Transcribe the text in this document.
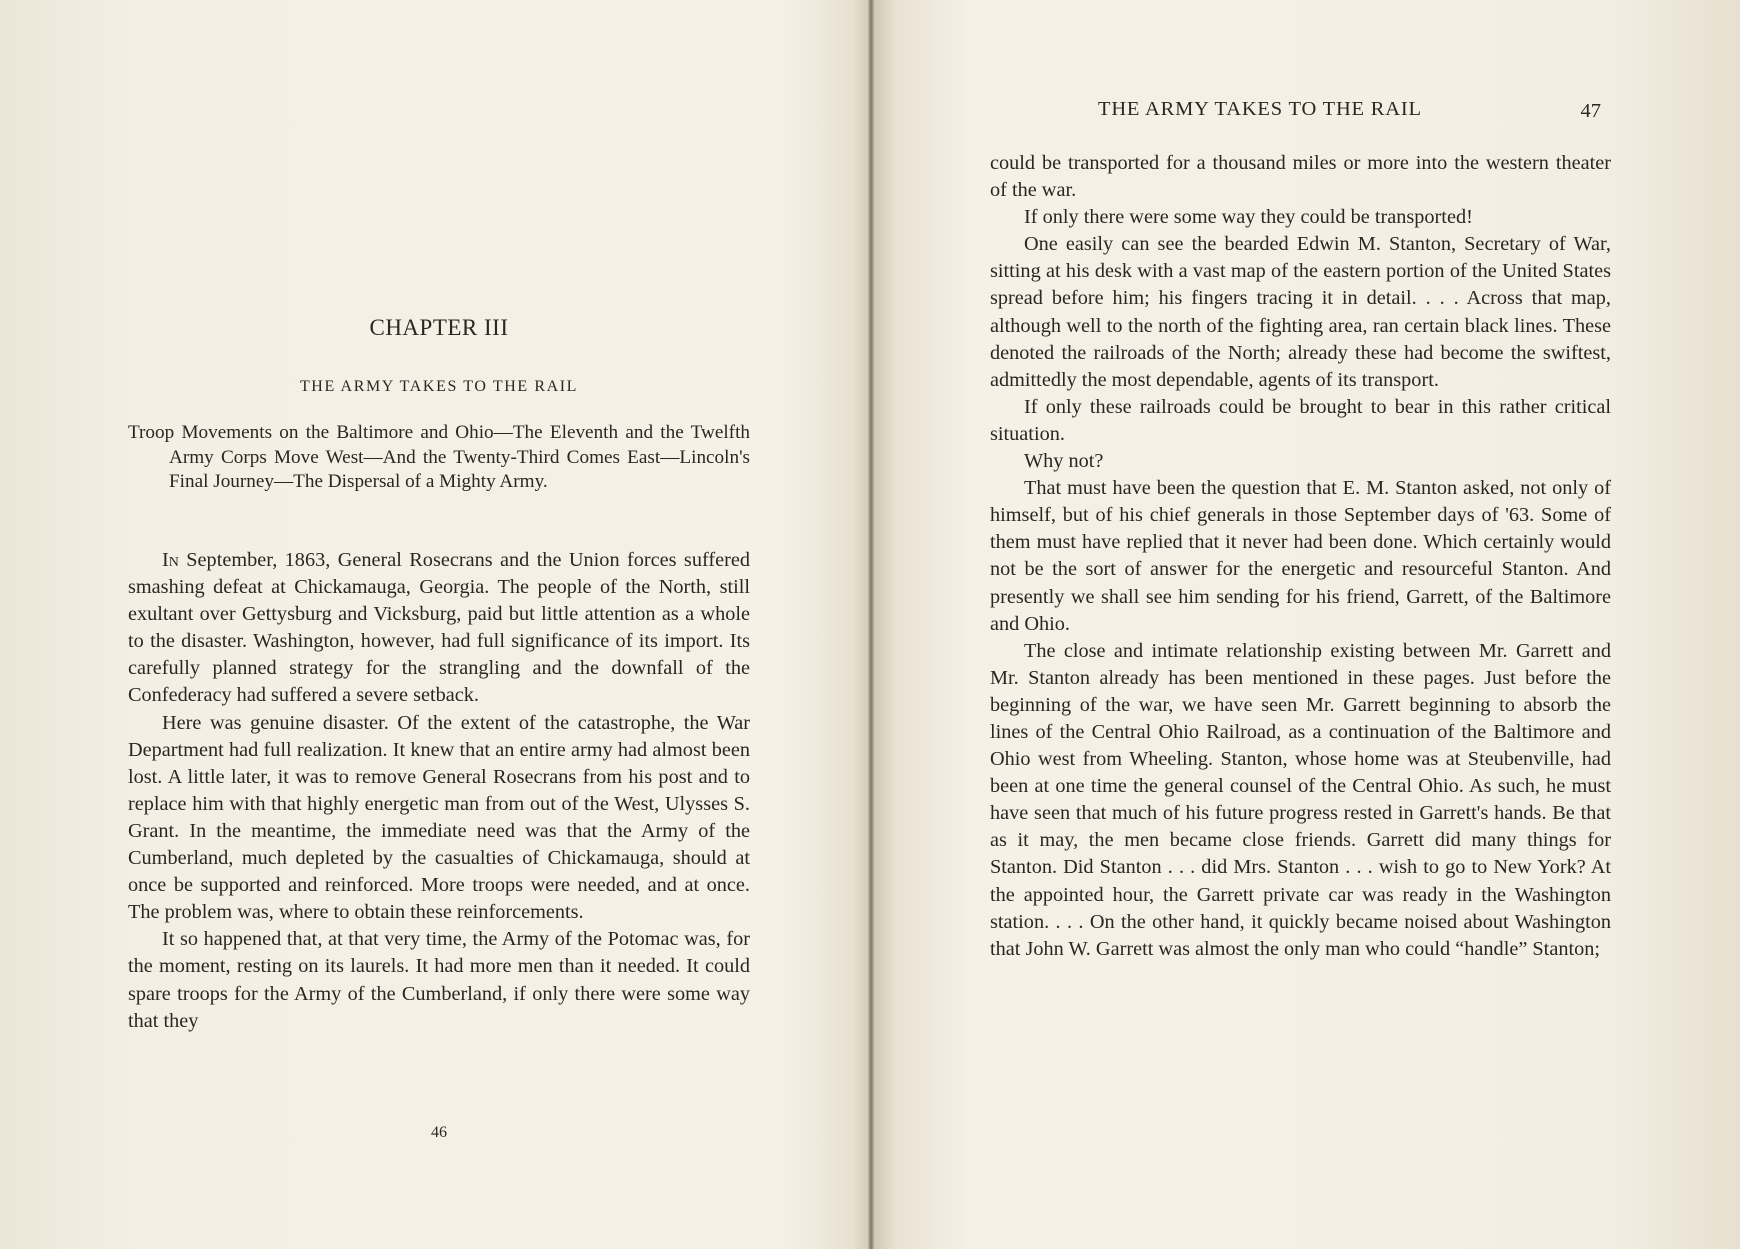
CHAPTER III
THE ARMY TAKES TO THE RAIL
Troop Movements on the Baltimore and Ohio—The Eleventh and the Twelfth Army Corps Move West—And the Twenty-Third Comes East—Lincoln's Final Journey—The Dispersal of a Mighty Army.

In September, 1863, General Rosecrans and the Union forces suffered smashing defeat at Chickamauga, Georgia. The people of the North, still exultant over Gettysburg and Vicksburg, paid but little attention as a whole to the disaster. Washington, however, had full significance of its import. Its carefully planned strategy for the strangling and the downfall of the Confederacy had suffered a severe setback.

Here was genuine disaster. Of the extent of the catastrophe, the War Department had full realization. It knew that an entire army had almost been lost. A little later, it was to remove General Rosecrans from his post and to replace him with that highly energetic man from out of the West, Ulysses S. Grant. In the meantime, the immediate need was that the Army of the Cumberland, much depleted by the casualties of Chickamauga, should at once be supported and reinforced. More troops were needed, and at once. The problem was, where to obtain these reinforcements.

It so happened that, at that very time, the Army of the Potomac was, for the moment, resting on its laurels. It had more men than it needed. It could spare troops for the Army of the Cumberland, if only there were some way that they

46
THE ARMY TAKES TO THE RAIL	47

could be transported for a thousand miles or more into the western theater of the war.

If only there were some way they could be transported!

One easily can see the bearded Edwin M. Stanton, Secretary of War, sitting at his desk with a vast map of the eastern portion of the United States spread before him; his fingers tracing it in detail. . . . Across that map, although well to the north of the fighting area, ran certain black lines. These denoted the railroads of the North; already these had become the swiftest, admittedly the most dependable, agents of its transport.

If only these railroads could be brought to bear in this rather critical situation.

Why not?

That must have been the question that E. M. Stanton asked, not only of himself, but of his chief generals in those September days of '63. Some of them must have replied that it never had been done. Which certainly would not be the sort of answer for the energetic and resourceful Stanton. And presently we shall see him sending for his friend, Garrett, of the Baltimore and Ohio.

The close and intimate relationship existing between Mr. Garrett and Mr. Stanton already has been mentioned in these pages. Just before the beginning of the war, we have seen Mr. Garrett beginning to absorb the lines of the Central Ohio Railroad, as a continuation of the Baltimore and Ohio west from Wheeling. Stanton, whose home was at Steubenville, had been at one time the general counsel of the Central Ohio. As such, he must have seen that much of his future progress rested in Garrett's hands. Be that as it may, the men became close friends. Garrett did many things for Stanton. Did Stanton . . . did Mrs. Stanton . . . wish to go to New York? At the appointed hour, the Garrett private car was ready in the Washington station. . . . On the other hand, it quickly became noised about Washington that John W. Garrett was almost the only man who could “handle” Stanton;
